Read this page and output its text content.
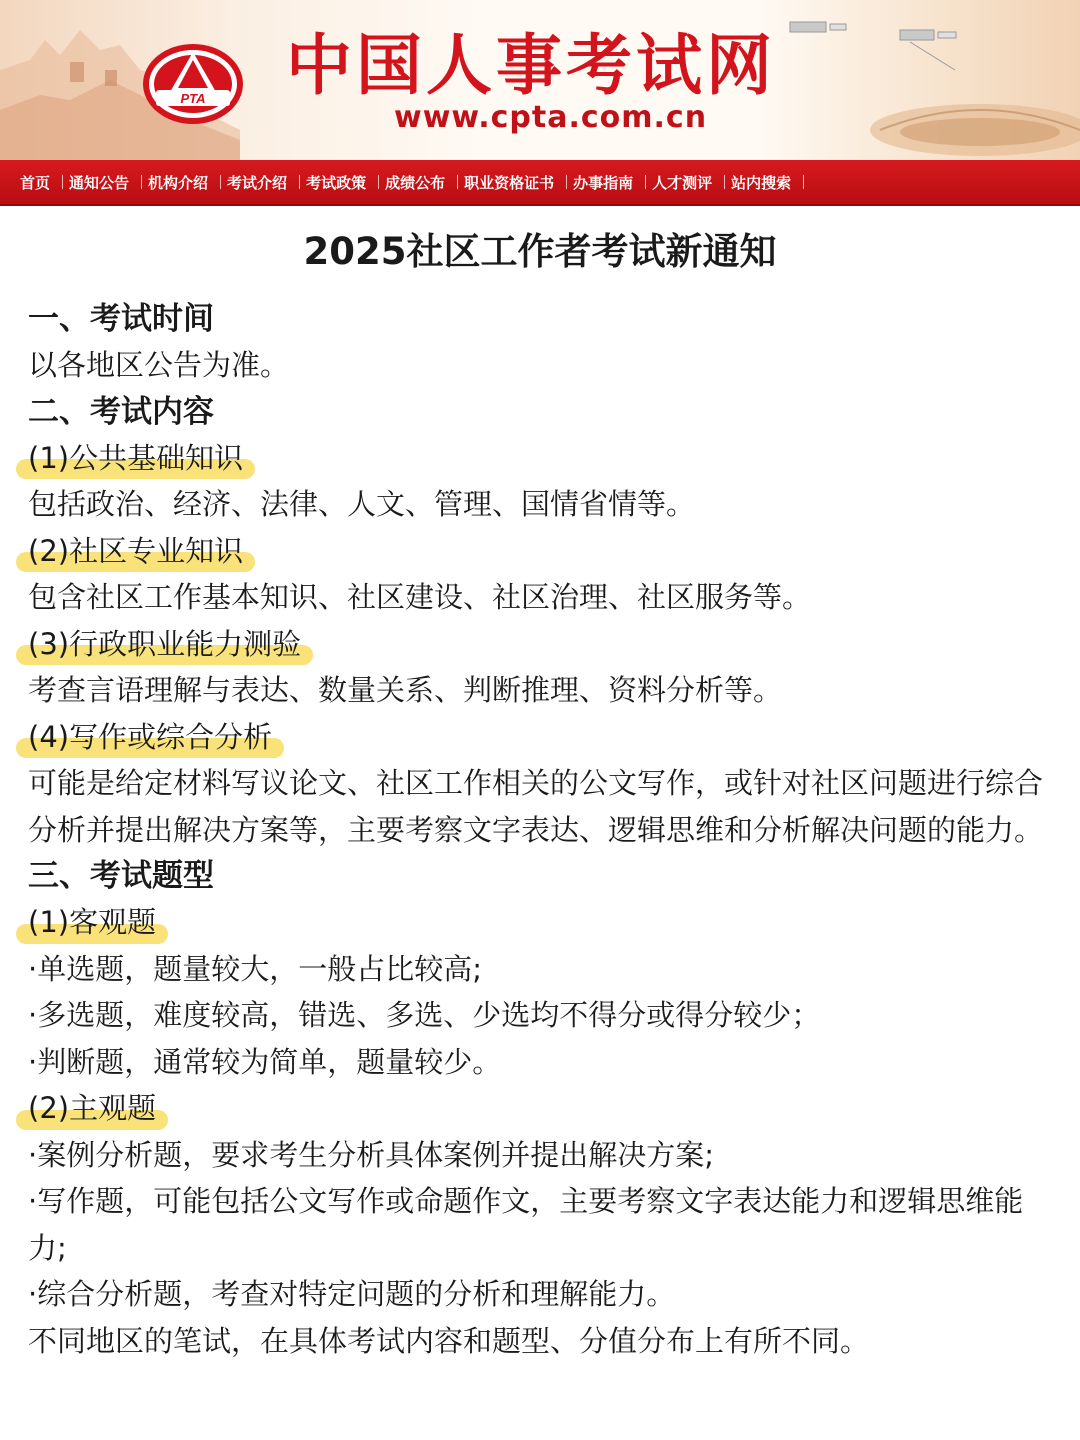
PTA 中国人事考试网
www.cpta.com.cn
首页	通知公告	机构介绍	考试介绍	考试政策	成绩公布	职业资格证书	办事指南	人才测评	站内搜索
2025社区工作者考试新通知
一、考试时间
以各地区公告为准。
二、考试内容
(1)公共基础知识
包括政治、经济、法律、人文、管理、国情省情等。
(2)社区专业知识
包含社区工作基本知识、社区建设、社区治理、社区服务等。
(3)行政职业能力测验
考查言语理解与表达、数量关系、判断推理、资料分析等。
(4)写作或综合分析
可能是给定材料写议论文、社区工作相关的公文写作，或针对社区问题进行综合分析并提出解决方案等，主要考察文字表达、逻辑思维和分析解决问题的能力。
三、考试题型
(1)客观题
·单选题，题量较大，一般占比较高;
·多选题，难度较高，错选、多选、少选均不得分或得分较少；
·判断题，通常较为简单，题量较少。
(2)主观题
·案例分析题，要求考生分析具体案例并提出解决方案;
·写作题，可能包括公文写作或命题作文，主要考察文字表达能力和逻辑思维能力;
·综合分析题，考查对特定问题的分析和理解能力。
不同地区的笔试，在具体考试内容和题型、分值分布上有所不同。
